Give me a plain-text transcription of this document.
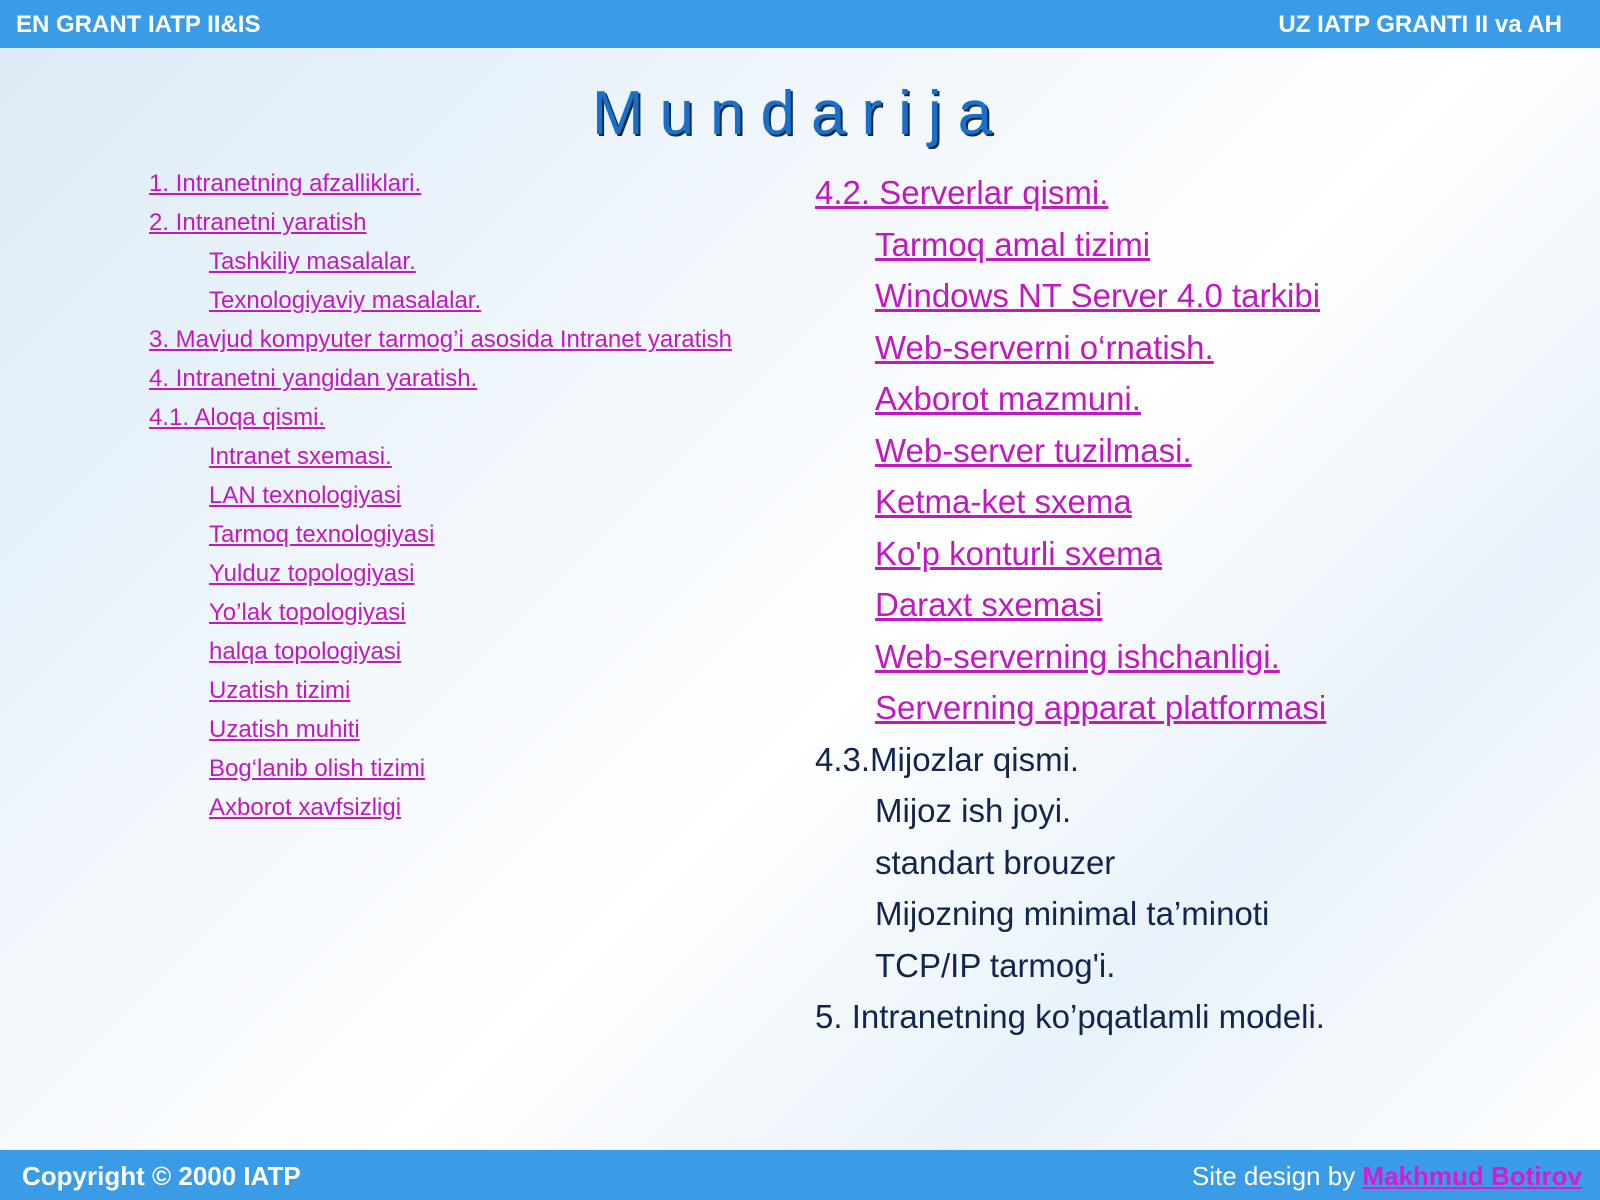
EN GRANT IATP II&IS	UZ IATP GRANTI II va AH
Mundarija
1. Intranetning afzalliklari.
2. Intranetni yaratish
Tashkiliy masalalar.
Texnologiyaviy masalalar.
3. Mavjud kompyuter tarmog’i asosida Intranet yaratish
4. Intranetni yangidan yaratish.
4.1. Aloqa qismi.
Intranet sxemasi.
LAN texnologiyasi
Tarmoq texnologiyasi
Yulduz topologiyasi
Yo’lak topologiyasi
halqa topologiyasi
Uzatish tizimi
Uzatish muhiti
Bog‘lanib olish tizimi
Axborot xavfsizligi
4.2. Serverlar qismi.
Tarmoq amal tizimi
Windows NT Server 4.0 tarkibi
Web-serverni o‘rnatish.
Axborot mazmuni.
Web-server tuzilmasi.
Ketma-ket sxema
Ko'p konturli sxema
Daraxt sxemasi
Web-serverning ishchanligi.
Serverning apparat platformasi
4.3.Mijozlar qismi.
Mijoz ish joyi.
standart brouzer
Mijozning minimal ta’minoti
TCP/IP tarmog'i.
5. Intranetning ko’pqatlamli modeli.
Copyright © 2000 IATP	Site design by Makhmud Botirov
